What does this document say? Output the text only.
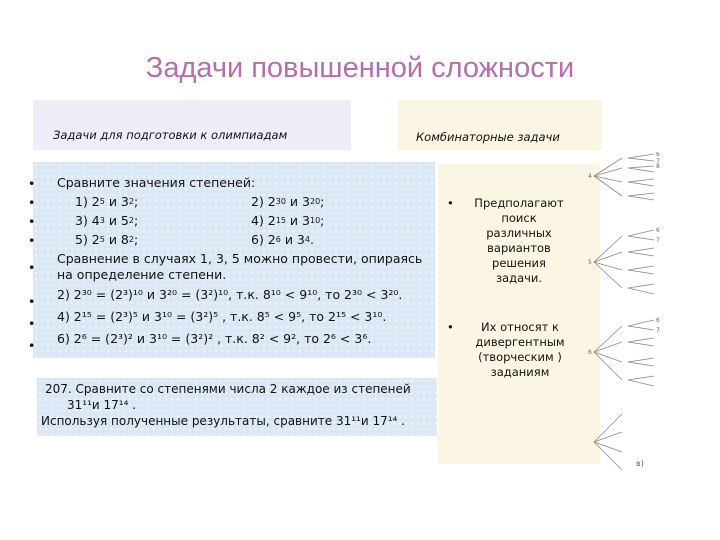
Задачи повышенной сложности
Задачи для подготовки к олимпиадам	Комбинаторные задачи
•
•
•
•
•
•
•
•
Сравните значения степеней:
1) $2^5$ и $3^2$;	2) $2^{30}$ и $3^{20}$;
3) $4^3$ и $5^2$;	4) $2^{15}$ и $3^{10}$;
5) $2^5$ и $8^2$;	6) $2^6$ и $3^4$.
Сравнение в случаях 1, 3, 5 можно провести, опираясь
на определение степени.
2) 2³⁰ = (2³)¹⁰ и 3²⁰ = (3²)¹⁰, т.к. 8¹⁰ < 9¹⁰, то 2³⁰ < 3²⁰.
4) 2¹⁵ = (2³)⁵ и 3¹⁰ = (3²)⁵ , т.к. 8⁵ < 9⁵, то 2¹⁵ < 3¹⁰.
6) 2⁶ = (2³)² и 3¹⁰ = (3²)² , т.к. 8² < 9², то 2⁶ < 3⁶.
•	Предполагают
поиск
различных
вариантов
решения
задачи.
•	Их относят к
дивергентным
(творческим )
заданиям
207. Сравните со степенями числа 2 каждое из степеней
31¹¹и 17¹⁴ .
Используя полученные результаты, сравните 31¹¹и 17¹⁴ .
6
7
8
6
7
6
7
4
5
6
в)
